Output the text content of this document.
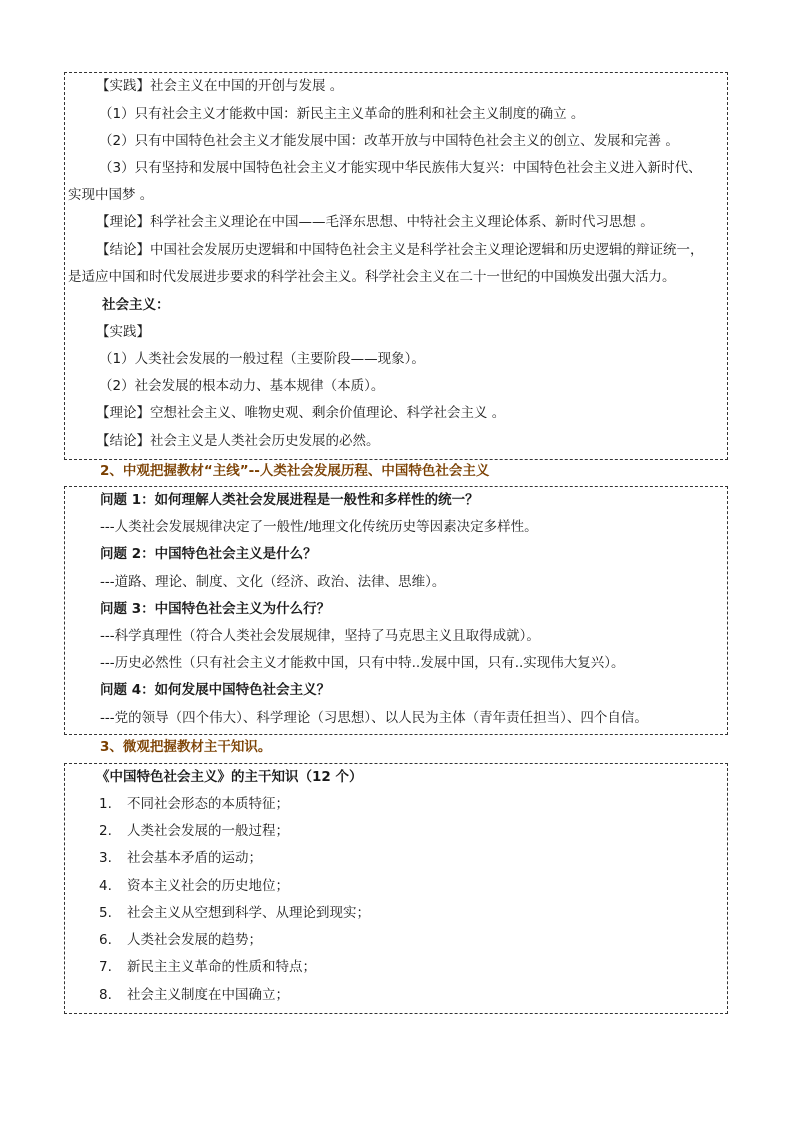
【实践】社会主义在中国的开创与发展 。
（1）只有社会主义才能救中国：新民主主义革命的胜利和社会主义制度的确立 。
（2）只有中国特色社会主义才能发展中国：改革开放与中国特色社会主义的创立、发展和完善 。
（3）只有坚持和发展中国特色社会主义才能实现中华民族伟大复兴：中国特色社会主义进入新时代、
实现中国梦 。
【理论】科学社会主义理论在中国——毛泽东思想、中特社会主义理论体系、新时代习思想 。
【结论】中国社会发展历史逻辑和中国特色社会主义是科学社会主义理论逻辑和历史逻辑的辩证统一，
是适应中国和时代发展进步要求的科学社会主义。科学社会主义在二十一世纪的中国焕发出强大活力。
社会主义：
【实践】
（1）人类社会发展的一般过程（主要阶段——现象）。
（2）社会发展的根本动力、基本规律（本质）。
【理论】空想社会主义、唯物史观、剩余价值理论、科学社会主义 。
【结论】社会主义是人类社会历史发展的必然。
2、中观把握教材“主线”--人类社会发展历程、中国特色社会主义
问题 1：如何理解人类社会发展进程是一般性和多样性的统一？
---人类社会发展规律决定了一般性/地理文化传统历史等因素决定多样性。
问题 2：中国特色社会主义是什么？
---道路、理论、制度、文化（经济、政治、法律、思维）。
问题 3：中国特色社会主义为什么行？
---科学真理性（符合人类社会发展规律，坚持了马克思主义且取得成就）。
---历史必然性（只有社会主义才能救中国，只有中特..发展中国，只有..实现伟大复兴）。
问题 4：如何发展中国特色社会主义？
---党的领导（四个伟大）、科学理论（习思想）、以人民为主体（青年责任担当）、四个自信。
3、微观把握教材主干知识。
《中国特色社会主义》的主干知识（12 个）
1. 不同社会形态的本质特征；
2. 人类社会发展的一般过程；
3. 社会基本矛盾的运动；
4. 资本主义社会的历史地位；
5. 社会主义从空想到科学、从理论到现实；
6. 人类社会发展的趋势；
7. 新民主主义革命的性质和特点；
8. 社会主义制度在中国确立；
